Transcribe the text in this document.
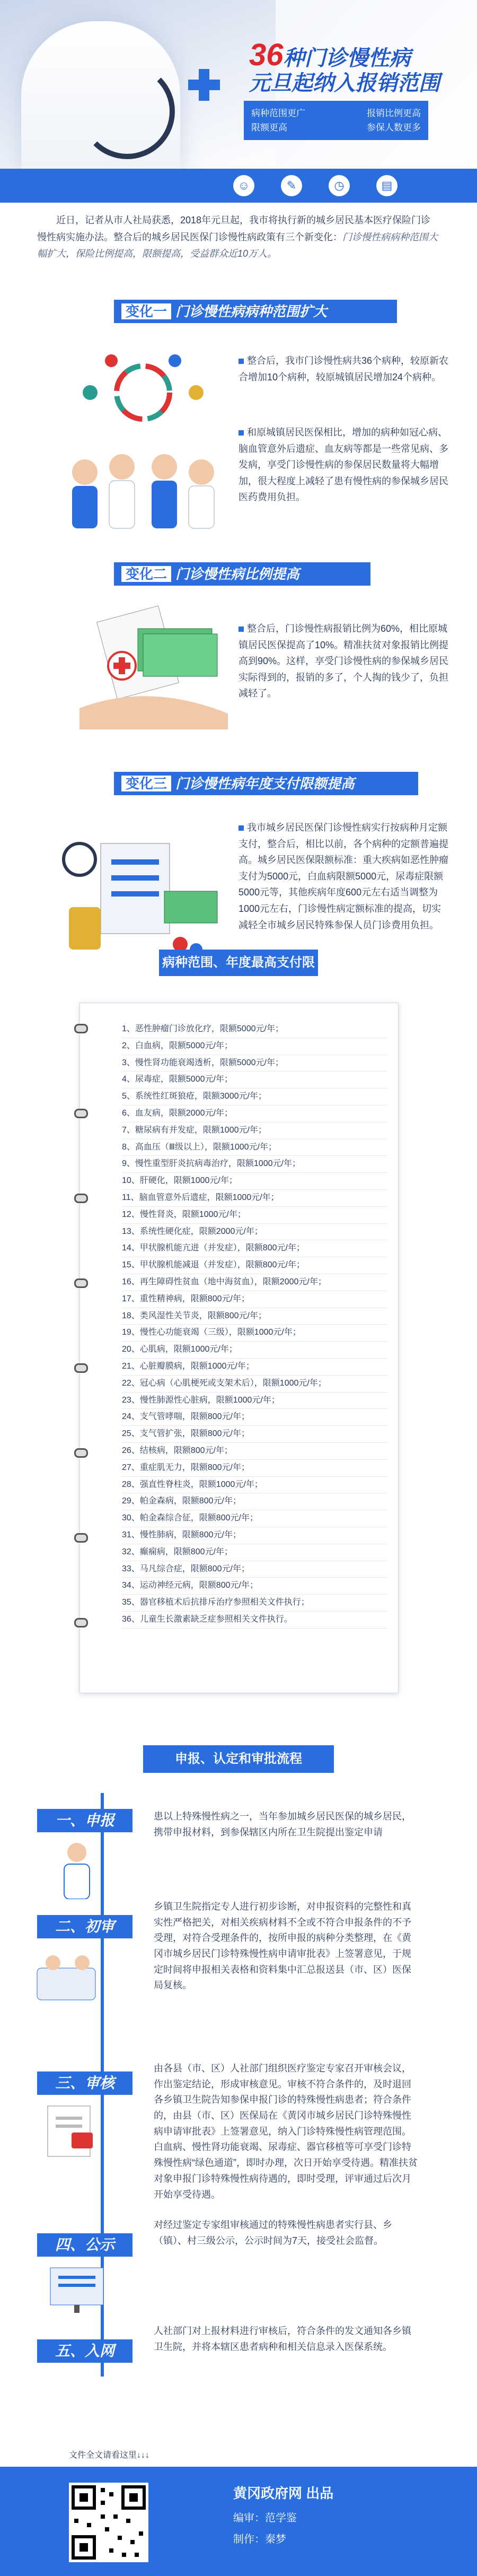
36种门诊慢性病
元旦起纳入报销范围
病种范围更广	报销比例更高
限额更高	参保人数更多
☺	✎	◷	▤
近日，记者从市人社局获悉，2018年元旦起，我市将执行新的城乡居民基本医疗保险门诊慢性病实施办法。整合后的城乡居民医保门诊慢性病政策有三个新变化：门诊慢性病病种范围大幅扩大，保险比例提高，限额提高，受益群众近10万人。
变化一 门诊慢性病病种范围扩大
整合后，我市门诊慢性病共36个病种，较原新农合增加10个病种，较原城镇居民增加24个病种。
和原城镇居民医保相比，增加的病种如冠心病、脑血管意外后遗症、血友病等都是一些常见病、多发病，享受门诊慢性病的参保居民数量将大幅增加，很大程度上减轻了患有慢性病的参保城乡居民医药费用负担。
变化二 门诊慢性病比例提高
整合后，门诊慢性病报销比例为60%，相比原城镇居民医保提高了10%。精准扶贫对象报销比例提高到90%。这样，享受门诊慢性病的参保城乡居民实际得到的，报销的多了，个人掏的钱少了，负担减轻了。
变化三 门诊慢性病年度支付限额提高
我市城乡居民医保门诊慢性病实行按病种月定额支付，整合后，相比以前，各个病种的定额普遍提高。城乡居民医保限额标准：重大疾病如恶性肿瘤支付为5000元，白血病限额5000元，尿毒症限额5000元等，其他疾病年度600元左右适当调整为1000元左右，门诊慢性病定额标准的提高，切实减轻全市城乡居民特殊参保人员门诊费用负担。
病种范围、年度最高支付限额
1、恶性肿瘤门诊放化疗，限额5000元/年；
2、白血病，限额5000元/年；
3、慢性肾功能衰竭透析，限额5000元/年；
4、尿毒症，限额5000元/年；
5、系统性红斑狼疮，限额3000元/年；
6、血友病，限额2000元/年；
7、糖尿病有并发症，限额1000元/年；
8、高血压（Ⅲ级以上），限额1000元/年；
9、慢性重型肝炎抗病毒治疗，限额1000元/年；
10、肝硬化，限额1000元/年；
11、脑血管意外后遗症，限额1000元/年；
12、慢性肾炎，限额1000元/年；
13、系统性硬化症，限额2000元/年；
14、甲状腺机能亢进（并发症），限额800元/年；
15、甲状腺机能减退（并发症），限额800元/年；
16、再生障碍性贫血（地中海贫血），限额2000元/年；
17、重性精神病，限额800元/年；
18、类风湿性关节炎，限额800元/年；
19、慢性心功能衰竭（三级），限额1000元/年；
20、心肌病，限额1000元/年；
21、心脏瓣膜病，限额1000元/年；
22、冠心病（心肌梗死或支架术后），限额1000元/年；
23、慢性肺源性心脏病，限额1000元/年；
24、支气管哮喘，限额800元/年；
25、支气管扩张，限额800元/年；
26、结核病，限额800元/年；
27、重症肌无力，限额800元/年；
28、强直性脊柱炎，限额1000元/年；
29、帕金森病，限额800元/年；
30、帕金森综合征，限额800元/年；
31、慢性肺病，限额800元/年；
32、癫痫病，限额800元/年；
33、马凡综合症，限额800元/年；
34、运动神经元病，限额800元/年；
35、器官移植术后抗排斥治疗参照相关文件执行；
36、儿童生长激素缺乏症参照相关文件执行。
申报、认定和审批流程
一、申报	患以上特殊慢性病之一，当年参加城乡居民医保的城乡居民，携带申报材料，到参保辖区内所在卫生院提出鉴定申请
二、初审
乡镇卫生院指定专人进行初步诊断，对申报资料的完整性和真实性严格把关，对相关疾病材料不全或不符合申报条件的不予受理，对符合受理条件的，按所申报的病种分类整理，在《黄冈市城乡居民门诊特殊慢性病申请审批表》上签署意见，于规定时间将申报相关表格和资料集中汇总报送县（市、区）医保局复核。
三、审核
由各县（市、区）人社部门组织医疗鉴定专家召开审核会议，作出鉴定结论，形成审核意见。审核不符合条件的，及时退回各乡镇卫生院告知参保申报门诊的特殊慢性病患者；符合条件的，由县（市、区）医保局在《黄冈市城乡居民门诊特殊慢性病申请审批表》上签署意见，纳入门诊特殊慢性病管理范围。白血病、慢性肾功能衰竭、尿毒症、器官移植等可享受门诊特殊慢性病“绿色通道”，即时办理，次日开始享受待遇。精准扶贫对象申报门诊特殊慢性病待遇的，即时受理，评审通过后次月开始享受待遇。
四、公示
对经过鉴定专家组审核通过的特殊慢性病患者实行县、乡（镇）、村三级公示，公示时间为7天，接受社会监督。
五、入网
人社部门对上报材料进行审核后，符合条件的发文通知各乡镇卫生院，并将本辖区患者病种和相关信息录入医保系统。
文件全文请看这里↓↓↓
黄冈政府网 出品
编审：范学鉴
制作：秦梦
